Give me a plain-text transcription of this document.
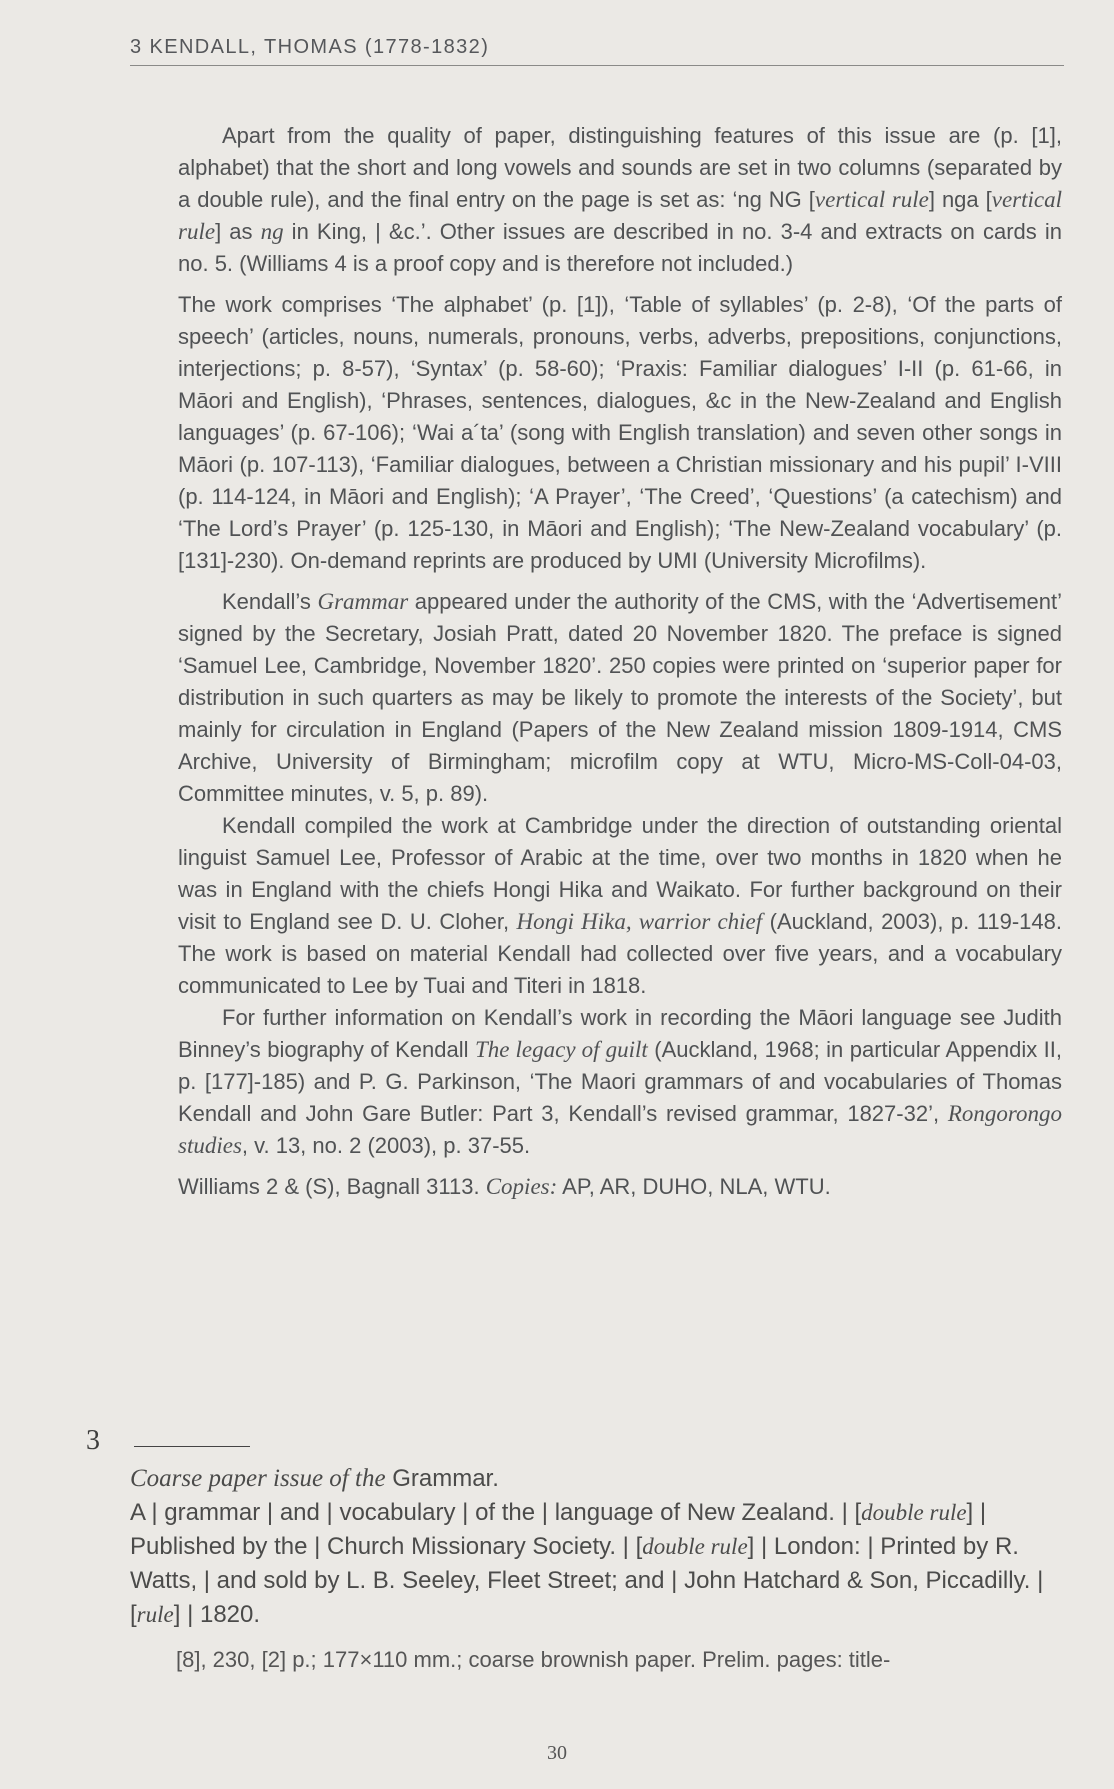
3 KENDALL, THOMAS (1778-1832)

Apart from the quality of paper, distinguishing features of this issue are (p. [1], alphabet) that the short and long vowels and sounds are set in two columns (separated by a double rule), and the final entry on the page is set as: ‘ng NG [vertical rule] nga [vertical rule] as ng in King, | &c.’. Other issues are described in no. 3-4 and extracts on cards in no. 5. (Williams 4 is a proof copy and is therefore not included.)

The work comprises ‘The alphabet’ (p. [1]), ‘Table of syllables’ (p. 2-8), ‘Of the parts of speech’ (articles, nouns, numerals, pronouns, verbs, adverbs, prepositions, conjunctions, interjections; p. 8-57), ‘Syntax’ (p. 58-60); ‘Praxis: Familiar dialogues’ I-II (p. 61-66, in Māori and English), ‘Phrases, sentences, dialogues, &c in the New-Zealand and English languages’ (p. 67-106); ‘Wai a´ta’ (song with English translation) and seven other songs in Māori (p. 107-113), ‘Familiar dialogues, between a Christian missionary and his pupil’ I-VIII (p. 114-124, in Māori and English); ‘A Prayer’, ‘The Creed’, ‘Questions’ (a catechism) and ‘The Lord’s Prayer’ (p. 125-130, in Māori and English); ‘The New-Zealand vocabulary’ (p. [131]-230). On-demand reprints are produced by UMI (University Microfilms).

Kendall’s Grammar appeared under the authority of the CMS, with the ‘Advertisement’ signed by the Secretary, Josiah Pratt, dated 20 November 1820. The preface is signed ‘Samuel Lee, Cambridge, November 1820’. 250 copies were printed on ‘superior paper for distribution in such quarters as may be likely to promote the interests of the Society’, but mainly for circulation in England (Papers of the New Zealand mission 1809-1914, CMS Archive, University of Birmingham; microfilm copy at WTU, Micro-MS-Coll-04-03, Committee minutes, v. 5, p. 89).

Kendall compiled the work at Cambridge under the direction of outstanding oriental linguist Samuel Lee, Professor of Arabic at the time, over two months in 1820 when he was in England with the chiefs Hongi Hika and Waikato. For further background on their visit to England see D. U. Cloher, Hongi Hika, warrior chief (Auckland, 2003), p. 119-148. The work is based on material Kendall had collected over five years, and a vocabulary communicated to Lee by Tuai and Titeri in 1818.

For further information on Kendall’s work in recording the Māori language see Judith Binney’s biography of Kendall The legacy of guilt (Auckland, 1968; in particular Appendix II, p. [177]-185) and P. G. Parkinson, ‘The Maori grammars of and vocabularies of Thomas Kendall and John Gare Butler: Part 3, Kendall’s revised grammar, 1827-32’, Rongorongo studies, v. 13, no. 2 (2003), p. 37-55.

Williams 2 & (S), Bagnall 3113. Copies: AP, AR, DUHO, NLA, WTU.

3

Coarse paper issue of the Grammar.

A | grammar | and | vocabulary | of the | language of New Zealand. | [double rule] | Published by the | Church Missionary Society. | [double rule] | London: | Printed by R. Watts, | and sold by L. B. Seeley, Fleet Street; and | John Hatchard & Son, Piccadilly. | [rule] | 1820.

[8], 230, [2] p.; 177×110 mm.; coarse brownish paper. Prelim. pages: title-
30
